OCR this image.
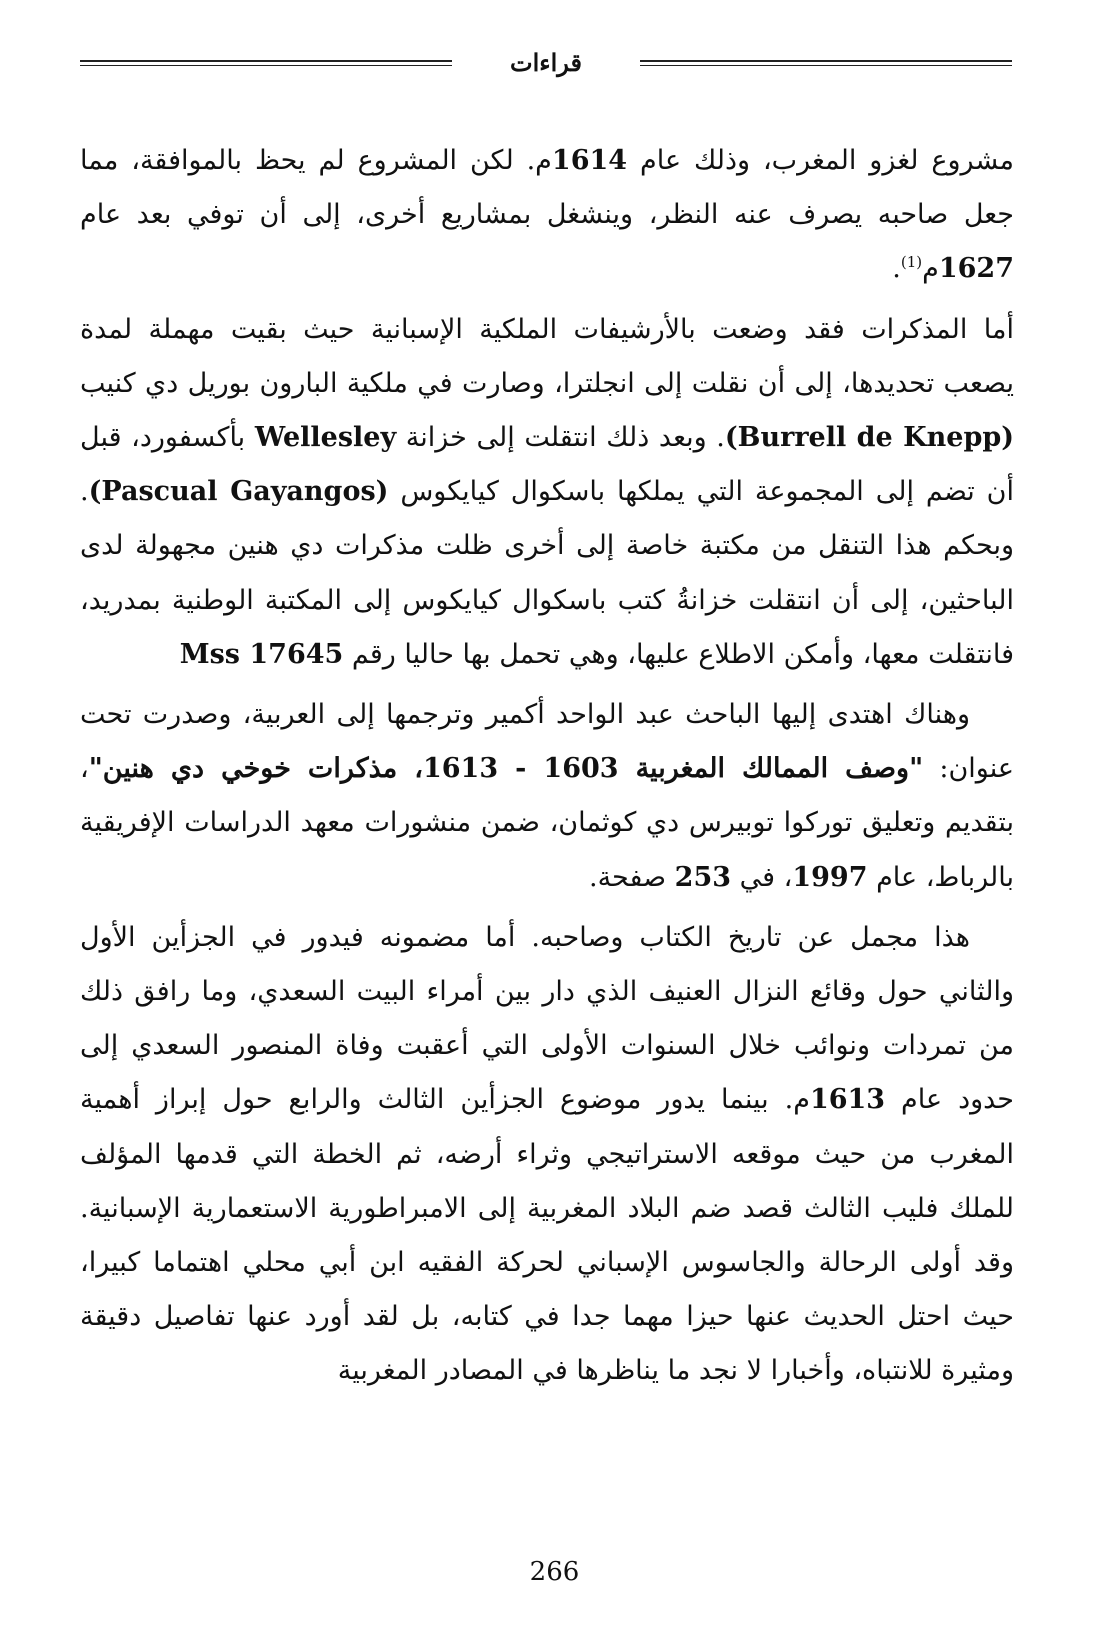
قراءات

مشروع لغزو المغرب، وذلك عام 1614م. لكن المشروع لم يحظ بالموافقة، مما جعل صاحبه يصرف عنه النظر، وينشغل بمشاريع أخرى، إلى أن توفي بعد عام 1627م$^{(1)}$.

أما المذكرات فقد وضعت بالأرشيفات الملكية الإسبانية حيث بقيت مهملة لمدة يصعب تحديدها، إلى أن نقلت إلى انجلترا، وصارت في ملكية البارون بوريل دي كنيب (Burrell de Knepp). وبعد ذلك انتقلت إلى خزانة Wellesley بأكسفورد، قبل أن تضم إلى المجموعة التي يملكها باسكوال كيايكوس (Pascual Gayangos). وبحكم هذا التنقل من مكتبة خاصة إلى أخرى ظلت مذكرات دي هنين مجهولة لدى الباحثين، إلى أن انتقلت خزانةُ كتب باسكوال كيايكوس إلى المكتبة الوطنية بمدريد، فانتقلت معها، وأمكن الاطلاع عليها، وهي تحمل بها حاليا رقم 17645 Mss

وهناك اهتدى إليها الباحث عبد الواحد أكمير وترجمها إلى العربية، وصدرت تحت عنوان: "وصف الممالك المغربية 1603 - 1613، مذكرات خوخي دي هنين"، بتقديم وتعليق توركوا توبيرس دي كوثمان، ضمن منشورات معهد الدراسات الإفريقية بالرباط، عام 1997، في 253 صفحة.

هذا مجمل عن تاريخ الكتاب وصاحبه. أما مضمونه فيدور في الجزأين الأول والثاني حول وقائع النزال العنيف الذي دار بين أمراء البيت السعدي، وما رافق ذلك من تمردات ونوائب خلال السنوات الأولى التي أعقبت وفاة المنصور السعدي إلى حدود عام 1613م. بينما يدور موضوع الجزأين الثالث والرابع حول إبراز أهمية المغرب من حيث موقعه الاستراتيجي وثراء أرضه، ثم الخطة التي قدمها المؤلف للملك فليب الثالث قصد ضم البلاد المغربية إلى الامبراطورية الاستعمارية الإسبانية. وقد أولى الرحالة والجاسوس الإسباني لحركة الفقيه ابن أبي محلي اهتماما كبيرا، حيث احتل الحديث عنها حيزا مهما جدا في كتابه، بل لقد أورد عنها تفاصيل دقيقة ومثيرة للانتباه، وأخبارا لا نجد ما يناظرها في المصادر المغربية

266
